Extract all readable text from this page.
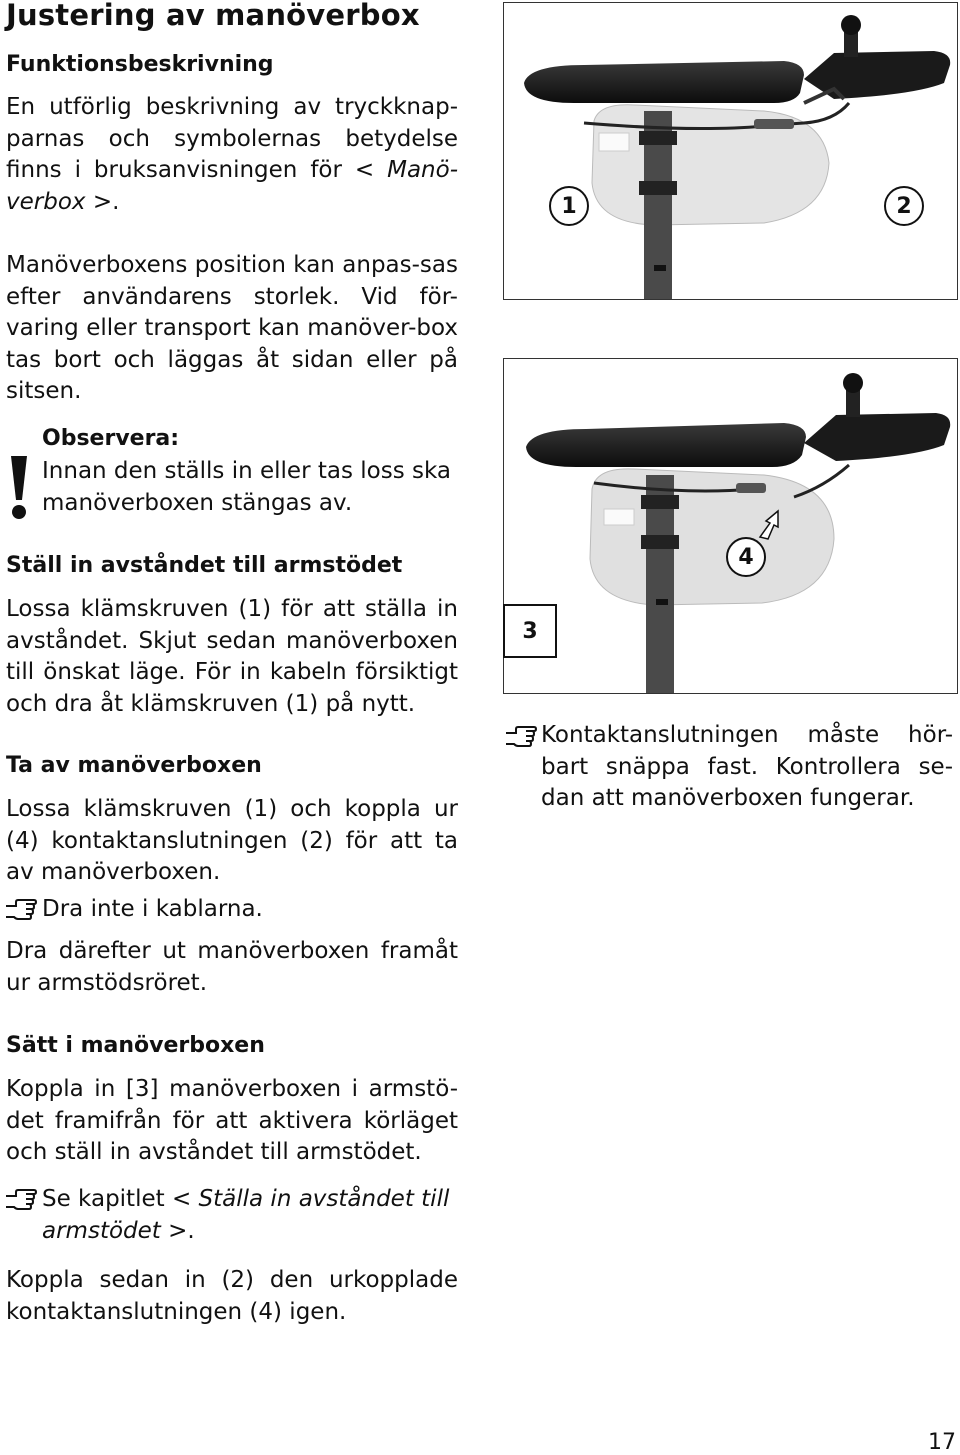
Justering av manöverbox
Funktionsbeskrivning

En utförlig beskrivning av tryckknap-parnas och symbolernas betydelse finns i bruksanvisningen för < Manö-verbox >.

Manöverboxens position kan anpas-sas efter användarens storlek. Vid för-varing eller transport kan manöver-box tas bort och läggas åt sidan eller på sitsen.

Observera:

Innan den ställs in eller tas loss ska manöverboxen stängas av.

Ställ in avståndet till armstödet

Lossa klämskruven (1) för att ställa in avståndet. Skjut sedan manöverboxen till önskat läge. För in kabeln försiktigt och dra åt klämskruven (1) på nytt.

Ta av manöverboxen

Lossa klämskruven (1) och koppla ur (4) kontaktanslutningen (2) för att ta av manöverboxen.

Dra inte i kablarna.

Dra därefter ut manöverboxen framåt ur armstödsröret.

Sätt i manöverboxen

Koppla in [3] manöverboxen i armstö-det framifrån för att aktivera körläget och ställ in avståndet till armstödet.

Se kapitlet < Ställa in avståndet till armstödet >.

Koppla sedan in (2) den urkopplade kontaktanslutningen (4) igen.

1	2
4
3

Kontaktanslutningen måste hör-bart snäppa fast. Kontrollera se-dan att manöverboxen fungerar.

17
